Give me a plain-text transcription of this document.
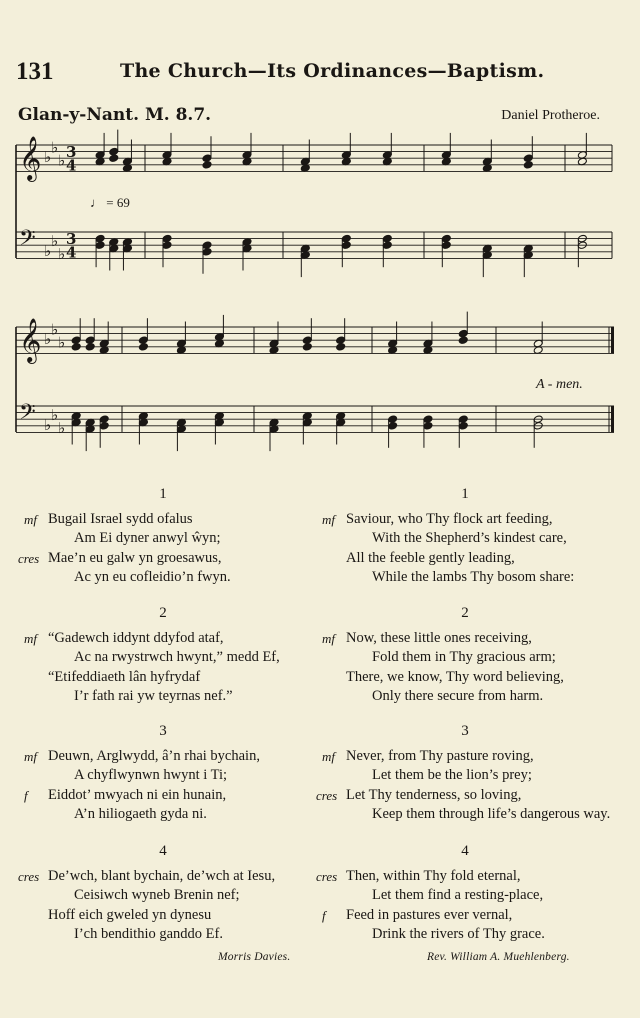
131	The Church—Its Ordinances—Baptism.
Glan-y-Nant. M. 8.7.	Daniel Protheroe.
𝄞 ♭
♭
♭ 3
4
𝄢 ♭
♭
♭
3
4
𝄞 ♭
♭
♭
𝄢 ♭
♭
♭
♩ = 69
A - men.
1
mf Bugail Israel sydd ofalus
Am Ei dyner anwyl ŵyn;
cres Mae’n eu galw yn groesawus,
Ac yn eu cofleidio’n fwyn.
2
mf “Gadewch iddynt ddyfod ataf,
Ac na rwystrwch hwynt,” medd Ef,
“Etifeddiaeth lân hyfrydaf
I’r fath rai yw teyrnas nef.”
3
mf Deuwn, Arglwydd, â’n rhai bychain,
A chyflwynwn hwynt i Ti;
f Eiddot’ mwyach ni ein hunain,
A’n hiliogaeth gyda ni.
4
cres De’wch, blant bychain, de’wch at Iesu,
Ceisiwch wyneb Brenin nef;
Hoff eich gweled yn dynesu
I’ch bendithio ganddo Ef.
1
mf Saviour, who Thy flock art feeding,
With the Shepherd’s kindest care,
All the feeble gently leading,
While the lambs Thy bosom share:
2
mf Now, these little ones receiving,
Fold them in Thy gracious arm;
There, we know, Thy word believing,
Only there secure from harm.
3
mf Never, from Thy pasture roving,
Let them be the lion’s prey;
cres Let Thy tenderness, so loving,
Keep them through life’s dangerous way.
4
cres Then, within Thy fold eternal,
Let them find a resting-place,
f Feed in pastures ever vernal,
Drink the rivers of Thy grace.
Morris Davies.	Rev. William A. Muehlenberg.
